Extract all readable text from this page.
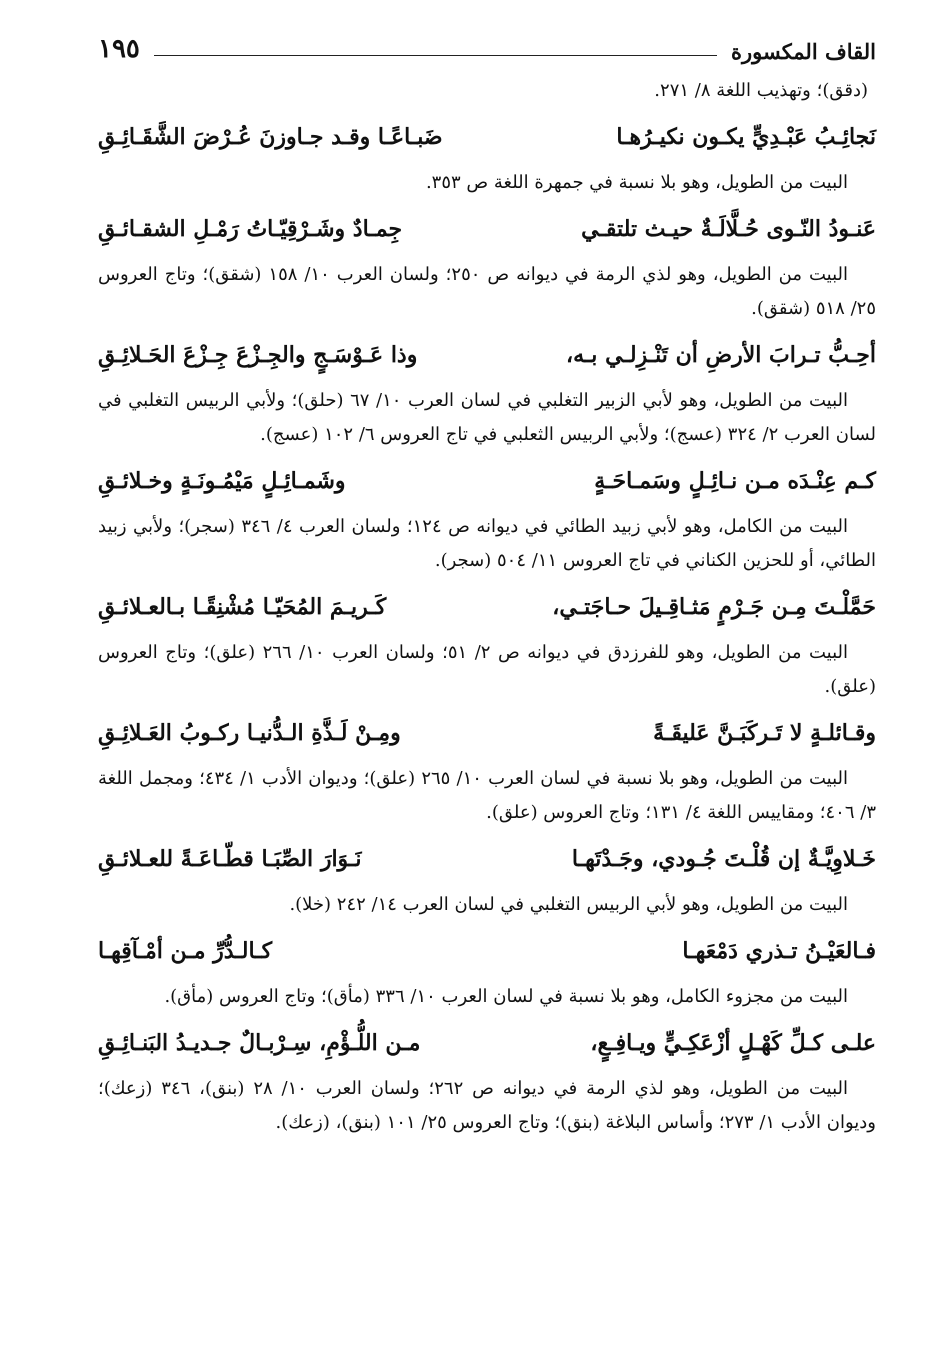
القاف المكسورة
١٩٥
(دقق)؛ وتهذيب اللغة ٨/ ٢٧١.
نَجائِـبُ عَبْـدِيٍّ يكـون نكيـرُهـا
ضَبـاعًـا وقـد جـاوزنَ عُـرْضَ الشَّقَـائِـقِ

البيت من الطويل، وهو بلا نسبة في جمهرة اللغة ص ٣٥٣.

عَنـودُ النّـوى حُـلَّالَـةٌ حيـث تلتقـي
جِمـادٌ وشَـرْقِيّـاتُ رَمْـلِ الشقـائـقِ

البيت من الطويل، وهو لذي الرمة في ديوانه ص ٢٥٠؛ ولسان العرب ١٠/ ١٥٨ (شقق)؛ وتاج العروس ٢٥/ ٥١٨ (شقق).

أحِـبُّ تـرابَ الأرضِ أن تَنْـزِلـي بـه،
وذا عَـوْسَـجٍ والجِـزْعَ جِـزْعَ الحَـلائِـقِ

البيت من الطويل، وهو لأبي الزبير التغلبي في لسان العرب ١٠/ ٦٧ (حلق)؛ ولأبي الربيس التغلبي في لسان العرب ٢/ ٣٢٤ (عسج)؛ ولأبي الربيس الثعلبي في تاج العروس ٦/ ١٠٢ (عسج).

كـم عِنْـدَه مـن نـائِـلٍ وسَمـاحَـةٍ
وشَمـائِـلٍ مَيْمُـونَـةٍ وخـلائـقِ

البيت من الكامل، وهو لأبي زبيد الطائي في ديوانه ص ١٢٤؛ ولسان العرب ٤/ ٣٤٦ (سجر)؛ ولأبي زبيد الطائي، أو للحزين الكناني في تاج العروس ١١/ ٥٠٤ (سجر).

حَمَّلْـتَ مِـن جَـرْمٍ مَثـاقِـيلَ حـاجَتـي،
كَـريـمَ المُحَيّـا مُشْنِقًـا بـالعـلائـقِ

البيت من الطويل، وهو للفرزدق في ديوانه ص ٢/ ٥١؛ ولسان العرب ١٠/ ٢٦٦ (علق)؛ وتاج العروس (علق).

وقـائلـةٍ لا تَـركَبَـنَّ عَليقَـةً
ومِـنْ لَـذَّةِ الـدُّنيـا ركـوبُ العَـلائِـقِ

البيت من الطويل، وهو بلا نسبة في لسان العرب ١٠/ ٢٦٥ (علق)؛ وديوان الأدب ١/ ٤٣٤؛ ومجمل اللغة ٣/ ٤٠٦؛ ومقاييس اللغة ٤/ ١٣١؛ وتاج العروس (علق).

خَـلاوِيَّـةٌ إن قُلْـتَ جُـودي، وجَـدْتَهـا
نَـوَارَ الصِّبَـا قطّـاعَـةً للعـلائـقِ

البيت من الطويل، وهو لأبي الربيس التغلبي في لسان العرب ١٤/ ٢٤٢ (خلا).

فـالعَيْـنُ تـذري دَمْعَهـا
كـالـدُّرِّ مـن أمْـآقِهـا

البيت من مجزوء الكامل، وهو بلا نسبة في لسان العرب ١٠/ ٣٣٦ (مأق)؛ وتاج العروس (مأق).

علـى كـلِّ كَهْـلٍ أزْعَكِـيٍّ ويـافِـعٍ،
مـن اللُّـؤْمِ، سِـرْبـالٌ جـديـدُ البَنـائِـقِ

البيت من الطويل، وهو لذي الرمة في ديوانه ص ٢٦٢؛ ولسان العرب ١٠/ ٢٨ (بنق)، ٣٤٦ (زعك)؛ وديوان الأدب ١/ ٢٧٣؛ وأساس البلاغة (بنق)؛ وتاج العروس ٢٥/ ١٠١ (بنق)، (زعك).
